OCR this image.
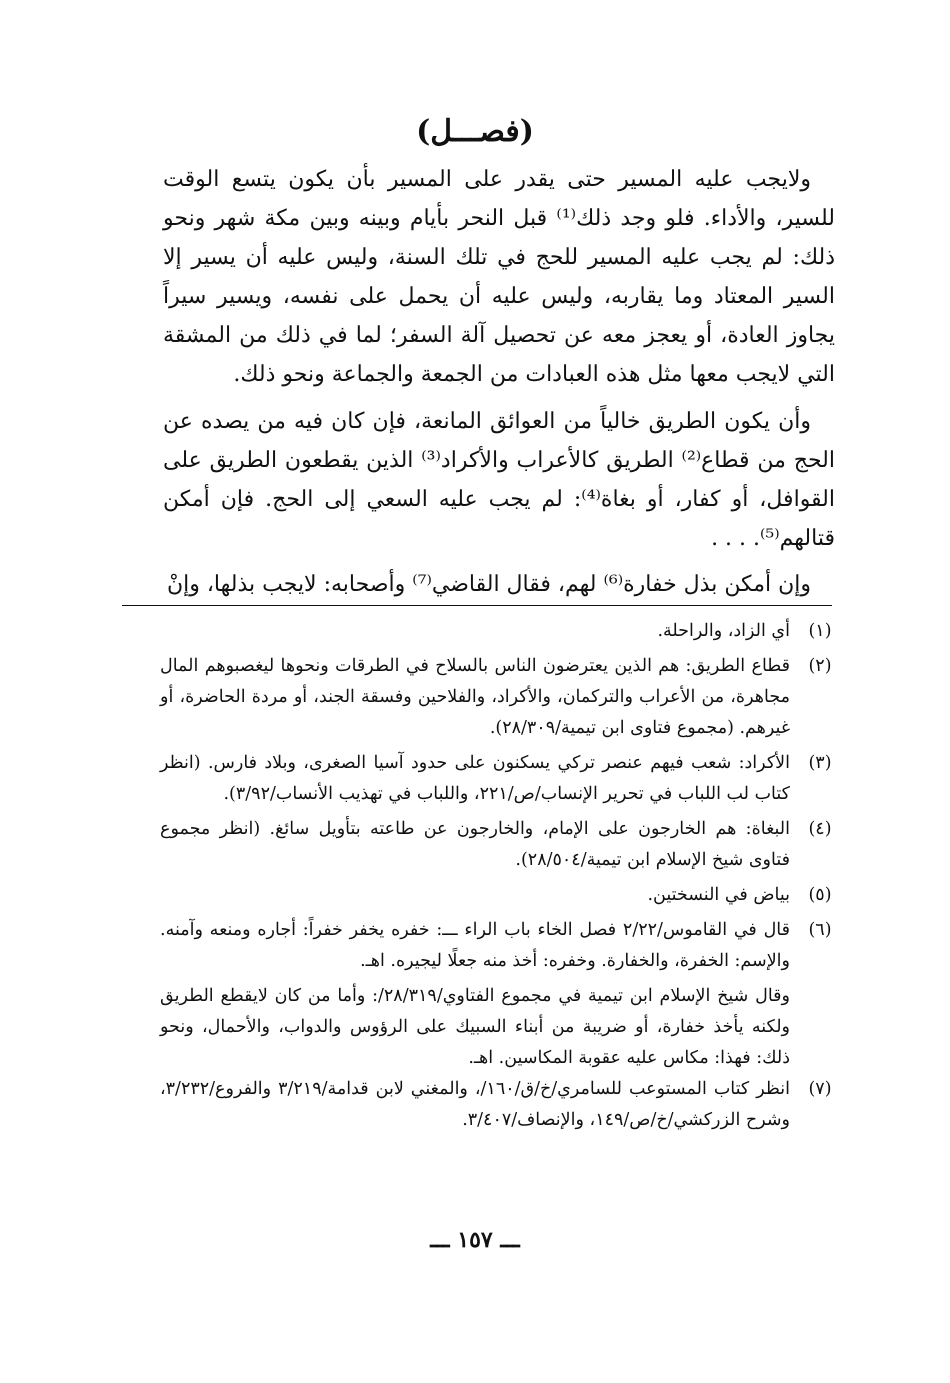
(فصـــل)

ولايجب عليه المسير حتى يقدر على المسير بأن يكون يتسع الوقت للسير، والأداء. فلو وجد ذلك⁽¹⁾ قبل النحر بأيام وبينه وبين مكة شهر ونحو ذلك: لم يجب عليه المسير للحج في تلك السنة، وليس عليه أن يسير إلا السير المعتاد وما يقاربه، وليس عليه أن يحمل على نفسه، ويسير سيراً يجاوز العادة، أو يعجز معه عن تحصيل آلة السفر؛ لما في ذلك من المشقة التي لايجب معها مثل هذه العبادات من الجمعة والجماعة ونحو ذلك.

وأن يكون الطريق خالياً من العوائق المانعة، فإن كان فيه من يصده عن الحج من قطاع⁽²⁾ الطريق كالأعراب والأكراد⁽³⁾ الذين يقطعون الطريق على القوافل، أو كفار، أو بغاة⁽⁴⁾: لم يجب عليه السعي إلى الحج. فإن أمكن قتالهم⁽⁵⁾. . . .

وإن أمكن بذل خفارة⁽⁶⁾ لهم، فقال القاضي⁽⁷⁾ وأصحابه: لايجب بذلها، وإنْ
(١)
أي الزاد، والراحلة.
(٢)
قطاع الطريق: هم الذين يعترضون الناس بالسلاح في الطرقات ونحوها ليغصبوهم المال مجاهرة، من الأعراب والتركمان، والأكراد، والفلاحين وفسقة الجند، أو مردة الحاضرة، أو غيرهم. (مجموع فتاوى ابن تيمية/٢٨/٣٠٩).
(٣)
الأكراد: شعب فيهم عنصر تركي يسكنون على حدود آسيا الصغرى، وبلاد فارس. (انظر كتاب لب اللباب في تحرير الإنساب/ص/٢٢١، واللباب في تهذيب الأنساب/٣/٩٢).
(٤)
البغاة: هم الخارجون على الإمام، والخارجون عن طاعته بتأويل سائغ. (انظر مجموع فتاوى شيخ الإسلام ابن تيمية/٢٨/٥٠٤).
(٥)
بياض في النسختين.
(٦)
قال في القاموس/٢/٢٢ فصل الخاء باب الراء ـــ: خفره يخفر خفراً: أجاره ومنعه وآمنه. والإسم: الخفرة، والخفارة. وخفره: أخذ منه جعلًا ليجيره. اهـ.
وقال شيخ الإسلام ابن تيمية في مجموع الفتاوي/٢٨/٣١٩/: وأما من كان لايقطع الطريق ولكنه يأخذ خفارة، أو ضريبة من أبناء السبيك على الرؤوس والدواب، والأحمال، ونحو ذلك: فهذا: مكاس عليه عقوبة المكاسين. اهـ.
(٧)
انظر كتاب المستوعب للسامري/خ/ق/١٦٠/، والمغني لابن قدامة/٣/٢١٩ والفروع/٣/٢٣٢، وشرح الزركشي/خ/ص/١٤٩، والإنصاف/٣/٤٠٧.
ـــ ١٥٧ ـــ
